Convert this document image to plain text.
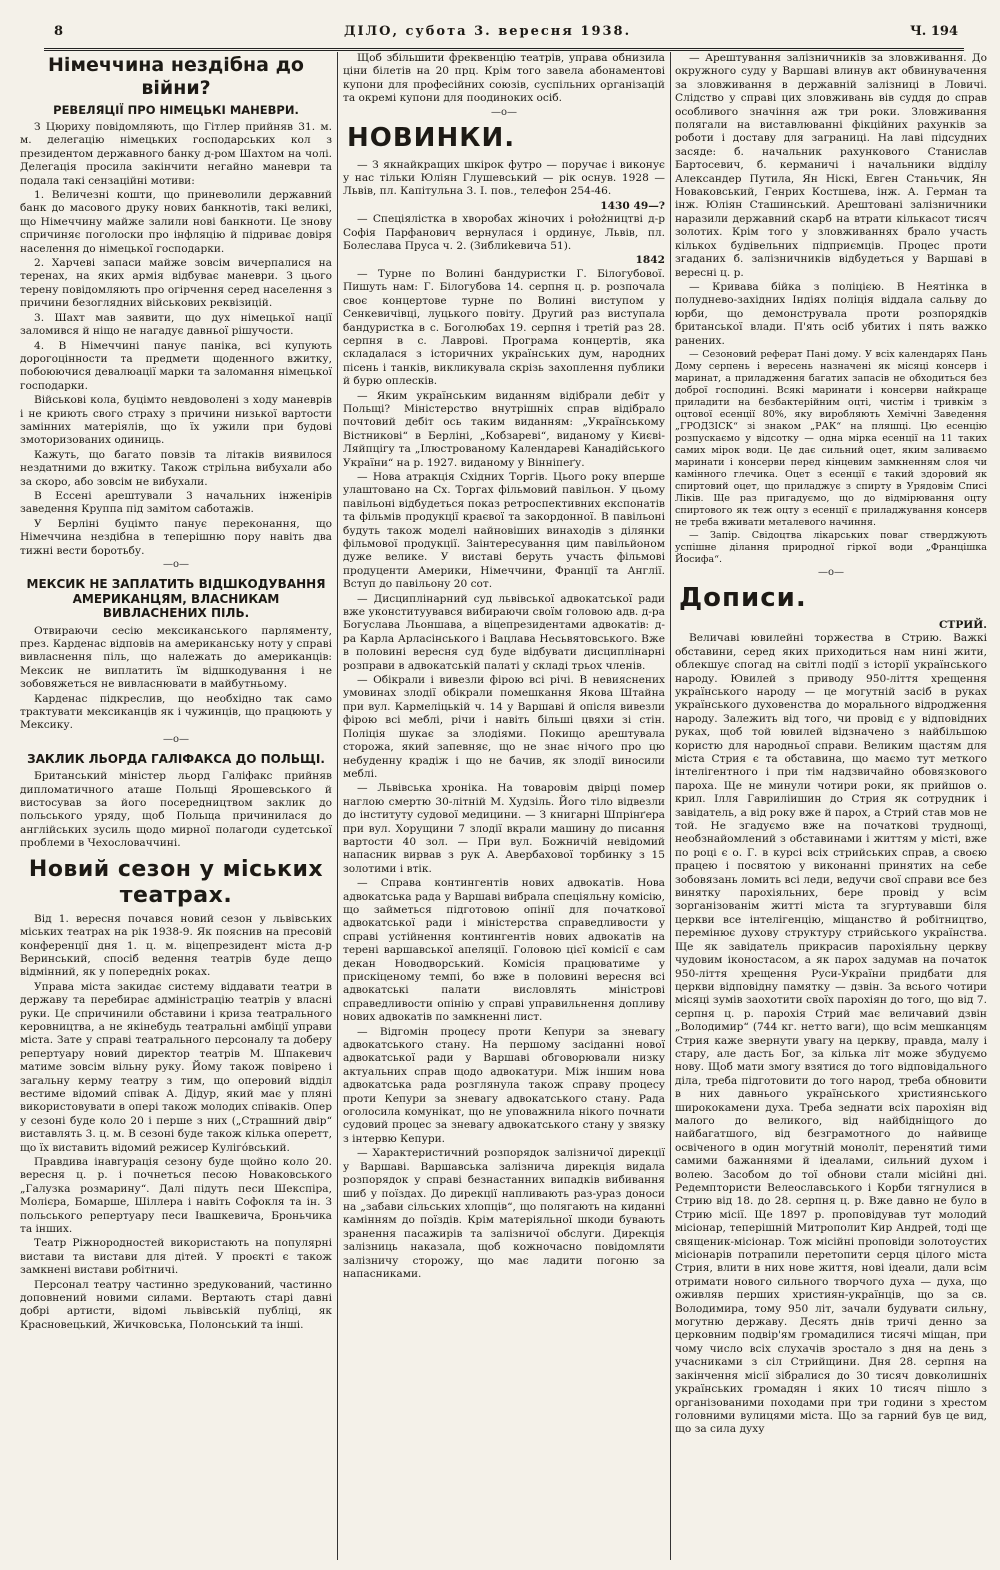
8	ДІЛО, субота 3. вересня 1938.	Ч. 194
Німеччина нездібна до війни?
РЕВЕЛЯЦІЇ ПРО НІМЕЦЬКІ МАНЕВРИ.

З Цюриху повідомляють, що Гітлер прийняв 31. м. м. делегацію німецьких господарських кол з президентом державного банку д-ром Шахтом на чолі. Делегація просила закінчити негайно маневри та подала такі сензаційні мотиви:

1. Величезні кошти, що приневолили державний банк до масового друку нових банкнотів, такі великі, що Німеччину майже залили нові банкноти. Це знову спричиняє поголоски про інфляцію й підриває довіря населення до німецької господарки.

2. Харчеві запаси майже зовсім вичерпалися на теренах, на яких армія відбуває маневри. З цього терену повідомляють про огірчення серед населення з причини безоглядних військових реквізицій.

3. Шахт мав заявити, що дух німецької нації заломився й ніщо не нагадує давньої рішучости.

4. В Німеччині панує паніка, всі купують дорогоцінности та предмети щоденного вжитку, побоюючися девалюації марки та заломання німецької господарки.

Військові кола, буцімто невдоволені з ходу маневрів і не криють свого страху з причини низької вартости замінних матеріялів, що їх ужили при будові змоторизованих одиниць.

Кажуть, що багато повзів та літаків виявилося нездатними до вжитку. Також стрільна вибухали або за скоро, або зовсім не вибухали.

В Ессені арештували 3 начальних інженірів заведення Круппа під замітом саботажів.

У Берліні буцімто панує переконання, що Німеччина нездібна в теперішню пору навіть два тижні вести боротьбу.

—o—
МЕКСИК НЕ ЗАПЛАТИТЬ ВІДШКОДУВАННЯ АМЕРИКАНЦЯМ, ВЛАСНИКАМ ВИВЛАСНЕНИХ ПІЛЬ.

Отвираючи сесію мексиканського парляменту, през. Карденас відповів на американську ноту у справі вивласнення піль, що належать до американців: Мексик не виплатить їм відшкодування і не зобовяжеться не вивласнювати в майбутньому.

Карденас підкреслив, що необхідно так само трактувати мексиканців як і чужинців, що працюють у Мексику.

—o—
ЗАКЛИК ЛЬОРДА ГАЛІФАКСА ДО ПОЛЬЩІ.

Британський міністер льорд Галіфакс прийняв дипломатичного аташе Польщі Ярошевського й вистосував за його посередництвом заклик до польського уряду, щоб Польща причинилася до англійських зусиль щодо мирної полагоди судетської проблеми в Чехословаччині.

Новий сезон у міських театрах.

Від 1. вересня почався новий сезон у львівських міських театрах на рік 1938-9. Як пояснив на пресовій конференції дня 1. ц. м. віцепрезидент міста д-р Веринський, спосіб ведення театрів буде дещо відмінний, як у попередніх роках.

Управа міста закидає систему віддавати театри в державу та перебирає адміністрацію театрів у власні руки. Це спричинили обставини і криза театрального керовництва, а не якінебудь театральні амбіції управи міста. Зате у справі театрального персоналу та доберу репертуару новий директор театрів М. Шпакевич матиме зовсім вільну руку. Йому також повірено і загальну керму театру з тим, що оперовий відділ вестиме відомий співак А. Дідур, який має у пляні використовувати в опері також молодих співаків. Опер у сезоні буде коло 20 і перше з них („Страшний двір“ виставлять 3. ц. м. В сезоні буде також кілька оперетт, що їх виставить відомий режисер Кулігóвський.

Правдива інавгурація сезону буде щойно коло 20. вересня ц. р. і почнеться песою Новаковського „Галузка розмарину“. Далі підуть песи Шекспіра, Молієра, Бомарше, Шіллера і навіть Софокля та ін. З польського репертуару песи Івашкевича, Броньчика та інших.

Театр Ріжнородностей використають на популярні вистави та вистави для дітей. У проєкті є також замкнені вистави робітничі.

Персонал театру частинно зредукований, частинно доповнений новими силами. Вертають старі давні добрі артисти, відомі львівській публіці, як Красновецький, Жичковська, Полонський та інші.

Щоб збільшити фреквенцію театрів, управа обнизила ціни білетів на 20 прц. Крім того завела абонаментові купони для професійних союзів, суспільних організацій та окремі купони для поодиноких осіб.

—o—
НОВИНКИ.

— З якнайкращих шкірок футро — поручає і виконує у нас тільки Юліян Глушевський — рік оснув. 1928 — Львів, пл. Капітульна 3. I. пов., телефон 254-46.

1430 49—?

— Спеціялістка в хворобах жіночих і położництві д-р Софія Парфанович вернулася і ординує, Львів, пл. Болеслава Пруса ч. 2. (Зиблиkевича 51).

1842

— Турне по Волині бандуристки Г. Білогубової. Пишуть нам: Г. Білогубова 14. серпня ц. р. розпочала своє концертове турне по Волині виступом у Сенкевичівці, луцького повіту. Другий раз виступала бандуристка в с. Боголюбах 19. серпня і третій раз 28. серпня в с. Лаврові. Програма концертів, яка складалася з історичних українських дум, народних пісень і танків, викликувала скрізь захоплення публики й бурю оплесків.

— Яким українським виданням відібрали дебіт у Польщі? Міністерство внутрішніх справ відібрало почтовий дебіт ось таким виданням: „Українському Віcтникові“ в Берліні, „Кобзареві“, виданому у Києві-Ляйпцігу та „Ілюстрованому Календареві Канадійського України“ на р. 1927. виданому у Вінніпеґу.

— Нова атракція Східних Торгів. Цього року вперше улаштовано на Сх. Торгах фільмовий павільон. У цьому павільоні відбудеться показ ретроспективних експонатів та фільмів продукції краєвої та закордонної. В павільоні будуть також моделі найновіших винаходів з ділянки фільмової продукції. Заінтересування цим павільйоном дуже велике. У виставі беруть участь фільмові продуценти Америки, Німеччини, Франції та Англії. Вступ до павільону 20 сот.

— Дисциплінарний суд львівської адвокатської ради вже уконституувався вибираючи своїм головою адв. д-ра Богуслава Льоншава, а віцепрезидентами адвокатів: д-ра Карла Арласінського і Вацлава Несьвятовського. Вже в половині вересня суд буде відбувати дисциплінарні розправи в адвокатській палаті у складі трьох членів.

— Обікрали і вивезли фірою всі річі. В невияснених умовинах злодії обікрали помешкання Якова Штайна при вул. Кармеліцькій ч. 14 у Варшаві й опісля вивезли фірою всі меблі, річи і навіть більші цвяхи зі стін. Поліція шукає за злодіями. Покищо арештувала сторожа, який запевняє, що не знає нічого про цю небуденну крадіж і що не бачив, як злодії виносили меблі.

— Львівська хроніка. На товаровім двірці помер наглою смертю 30-літній М. Худзіль. Його тіло відвезли до інституту судової медицини. — З книгарні Шпрінґера при вул. Хорущини 7 злодії вкрали машину до писання вартости 40 зол. — При вул. Божничій невідомий напасник вирвав з рук А. Авербахової торбинку з 15 золотими і втік.

— Справа контингентів нових адвокатів. Нова адвокатська рада у Варшаві вибрала спеціяльну комісію, що займеться підготовою опінії для початкової адвокатської ради і міністерства справедливости у справі устійнення контингентів нових адвокатів на терені варшавської апеляції. Головою цієї комісії є сам декан Новодворський. Комісія працюватиме у прискіценому темпі, бо вже в половині вересня всі адвокатські палати висловлять міністрові справедливости опінію у справі управильнення допливу нових адвокатів по замкненні лист.

— Відгомін процесу проти Кепури за зневагу адвокатського стану. На першому засіданні нової адвокатської ради у Варшаві обговорювали низку актуальних справ щодо адвокатури. Між іншим нова адвокатська рада розглянула також справу процесу проти Кепури за зневагу адвокатського стану. Рада оголосила комунікат, що не уповажнила нікого почнати судовий процес за зневагу адвокатського стану у звязку з інтервю Кепури.

— Характеристичний розпорядок залізничої дирекції у Варшаві. Варшавська залізнича дирекція видала розпорядок у справі безнастанних випадків вибивання шиб у поїздах. До дирекції напливають раз-ураз доноси на „забави сільських хлопців“, що полягають на киданні камінням до поїздів. Крім матеріяльної шкоди бувають зранення пасажирів та залізничої обслуги. Дирекція залізниць наказала, щоб кожночасно повідомляти залізничу сторожу, що має ладити погоню за напасниками.

— Арештування залізничників за зловживання. До окружного суду у Варшаві влинув акт обвинувачення за зловживання в державній залізниці в Ловичі. Слідство у справі цих зловживань вів суддя до справ особливого значіння аж три роки. Зловживання полягали на виставлюванні фікційних рахунків за роботи і доставу для заграниці. На лаві підсудних засяде: б. начальник рахункового Станислав Бартосевич, б. керманичі і начальники відділу Александер Путила, Ян Ніскі, Евген Станьчик, Ян Новаковський, Генрих Костшева, інж. А. Герман та інж. Юліян Сташинський. Арештовані залізничники наразили державний скарб на втрати кількасот тисяч золотих. Крім того у зловживаннях брало участь кількох будівельних підприємців. Процес проти згаданих б. залізничників відбудеться у Варшаві в вересні ц. р.

— Кривава бійка з поліцією. В Неятінка в полуднево-західних Індіях поліція віддала сальву до юрби, що демонструвала проти розпорядків британської влади. П'ять осіб убитих і пять важко ранених.

— Сезоновий реферат Пані дому. У всіх календарях Пань Дому серпень і вересень назначені як місяці консерв і маринат, а приладження багатих запасів не обходиться без доброї господині. Всякі маринати і консерви найкраще приладити на безбактерійним оцті, чистім і тривкім з оцтової есенції 80%, яку виробляють Хемічні Заведення „ГРОДЗІСК“ зі знаком „РАК“ на пляшці. Цю есенцію розпускаємо у відсотку — одна мірка есенції на 11 таких самих мірок води. Це дає сильний оцет, яким заливаємо маринати і консерви перед кінцевим замкненням слоя чи камінного глечика. Оцет з есенції є такий здоровий як спиртовий оцет, що приладжує з спирту в Урядовім Списі Ліків. Ще раз пригадуємо, що до відмірювання оцту спиртового як теж оцту з есенції є приладжування консерв не треба вживати металевого начиння.

— Запір. Свідоцтва лікарських поваг стверджують успішне ділання природної гіркої води „Францішка Йосифа“.

—o—
Дописи.
СТРИЙ.

Величаві ювилейні торжества в Стрию. Важкі обставини, серед яких приходиться нам нині жити, облекшує спогад на світлі події з історії українського народу. Ювилей з приводу 950-ліття хрещення українського народу — це могутній засіб в руках українського духовенства до морального відродження народу. Залежить від того, чи провід є у відповідних руках, щоб той ювилей відзначено з найбільшою користю для народньої справи. Великим щастям для міста Стрия є та обставина, що маємо тут меткого інтелігентного і при тім надзвичайно обовязкового пароха. Ще не минули чотири роки, як прийшов о. крил. Ілля Гавриліишин до Стрия як сотрудник і завідатель, а від року вже й парох, а Стрий став мов не той. Не згадуємо вже на початкові труднощі, необзнайомлений з обставинами і життям у місті, вже по році є о. Г. в курсі всіх стрийських справ, а своєю працею і посвятою у виконанні принятих на себе зобовязань ломить всі леди, ведучи свої справи все без винятку парохіяльних, бере провід у всім зорганізованім житті міста та згуртувавши біля церкви все інтелігенцію, міщанство й робітництво, перемінює духову структуру стрийського українства. Ще як завідатель прикрасив парохіяльну церкву чудовим іконостасом, а як парох задумав на початок 950-ліття хрещення Руси-України придбати для церкви відповідну памятку — дзвін. За всього чотири місяці зумів заохотити своїх парохіян до того, що від 7. серпня ц. р. парохія Стрий має величавий дзвін „Володимир“ (744 кг. нетто ваги), що всім мешканцям Стрия каже звернути увагу на церкву, правда, малу і стару, але дасть Бог, за кілька літ може збудуємо нову. Щоб мати змогу взятися до того відповідального діла, треба підготовити до того народ, треба обновити в них давнього українського християнського ширококамени духа. Треба зеднати всіх парохіян від малого до великого, від найбідніщого до найбагатшого, від безграмотного до найвище освіченого в один могутній моноліт, перенятий тими самими бажаннями й ідеалами, сильний духом і волею. Засобом до тої обнови стали місійні дні. Редемптористи Велеославського і Корби тягнулися в Стрию від 18. до 28. серпня ц. р. Вже давно не було в Стрию місії. Ще 1897 р. проповідував тут молодий місіонар, теперішній Митрополит Кир Андрей, тоді ще священик-місіонар. Тож місійні проповіди золотоустих місіонарів потрапили перетопити серця цілого міста Стрия, влити в них нове життя, нові ідеали, дали всім отримати нового сильного творчого духа — духа, що оживляв перших християн-українців, що за св. Володимира, тому 950 літ, зачали будувати сильну, могутню державу. Десять днів тричі денно за церковним подвір'ям громадилися тисячі міщан, при чому число всіх слухачів зростало з дня на день з учасниками з сіл Стрийщини. Дня 28. серпня на закінчення місії зібралися до 30 тисяч довколишніх українських громадян і яких 10 тисяч пішло з організованими походами при три години з хрестом головними вулицями міста. Що за гарний був це вид, що за сила духу
